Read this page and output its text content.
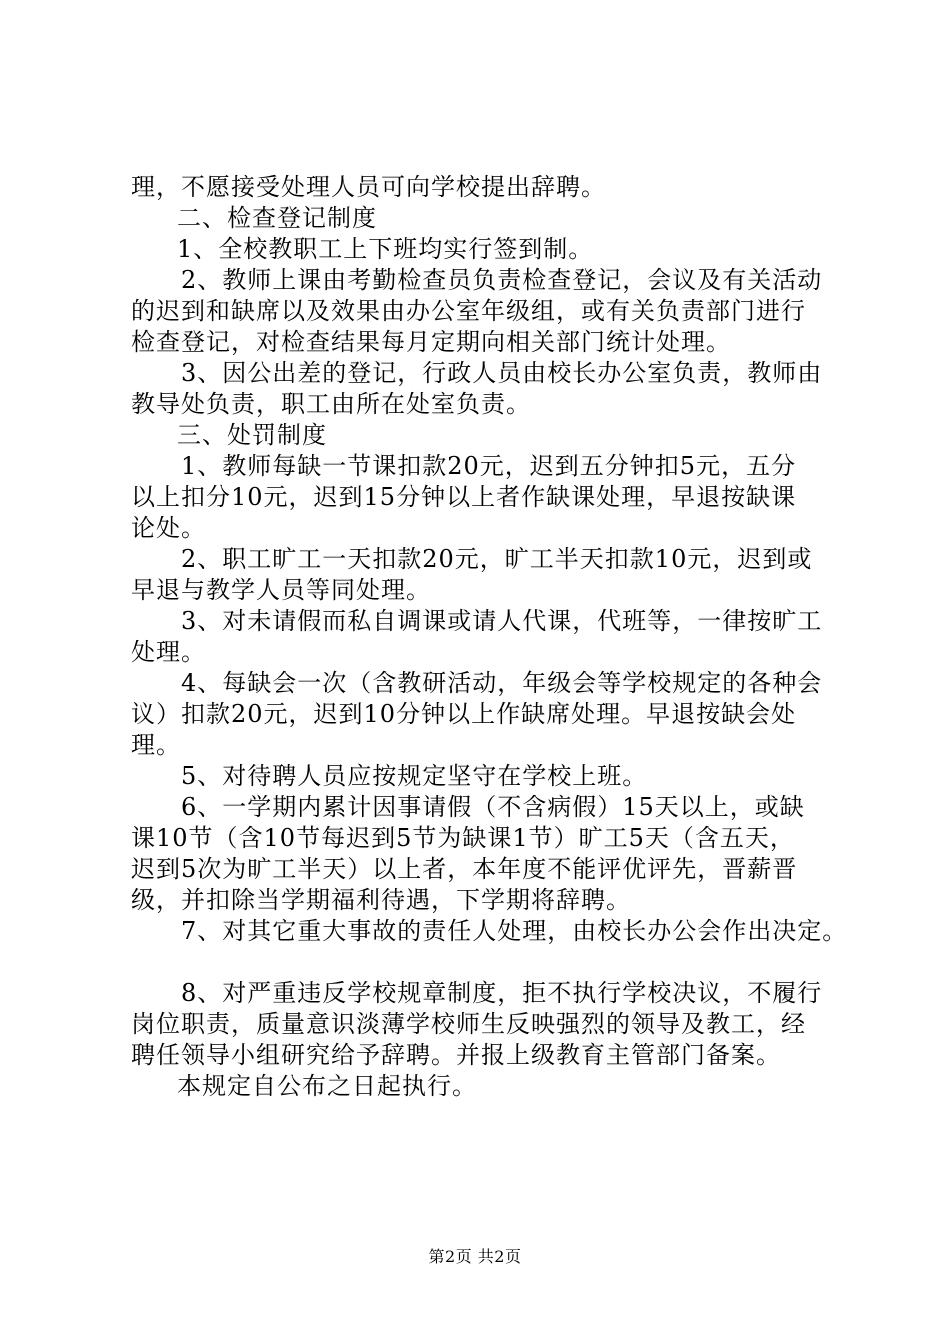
理，不愿接受处理人员可向学校提出辞聘。
二、检查登记制度
1、全校教职工上下班均实行签到制。
2、教师上课由考勤检查员负责检查登记，会议及有关活动
的迟到和缺席以及效果由办公室年级组，或有关负责部门进行
检查登记，对检查结果每月定期向相关部门统计处理。
3、因公出差的登记，行政人员由校长办公室负责，教师由
教导处负责，职工由所在处室负责。
三、处罚制度
1、教师每缺一节课扣款20元，迟到五分钟扣5元，五分
以上扣分10元，迟到15分钟以上者作缺课处理，早退按缺课
论处。
2、职工旷工一天扣款20元，旷工半天扣款10元，迟到或
早退与教学人员等同处理。
3、对未请假而私自调课或请人代课，代班等，一律按旷工
处理。
4、每缺会一次（含教研活动，年级会等学校规定的各种会
议）扣款20元，迟到10分钟以上作缺席处理。早退按缺会处
理。
5、对待聘人员应按规定坚守在学校上班。
6、一学期内累计因事请假（不含病假）15天以上，或缺
课10节（含10节每迟到5节为缺课1节）旷工5天（含五天，
迟到5次为旷工半天）以上者，本年度不能评优评先，晋薪晋
级，并扣除当学期福利待遇，下学期将辞聘。
7、对其它重大事故的责任人处理，由校长办公会作出决定。
8、对严重违反学校规章制度，拒不执行学校决议，不履行
岗位职责，质量意识淡薄学校师生反映强烈的领导及教工，经
聘任领导小组研究给予辞聘。并报上级教育主管部门备案。
本规定自公布之日起执行。
第2页 共2页
